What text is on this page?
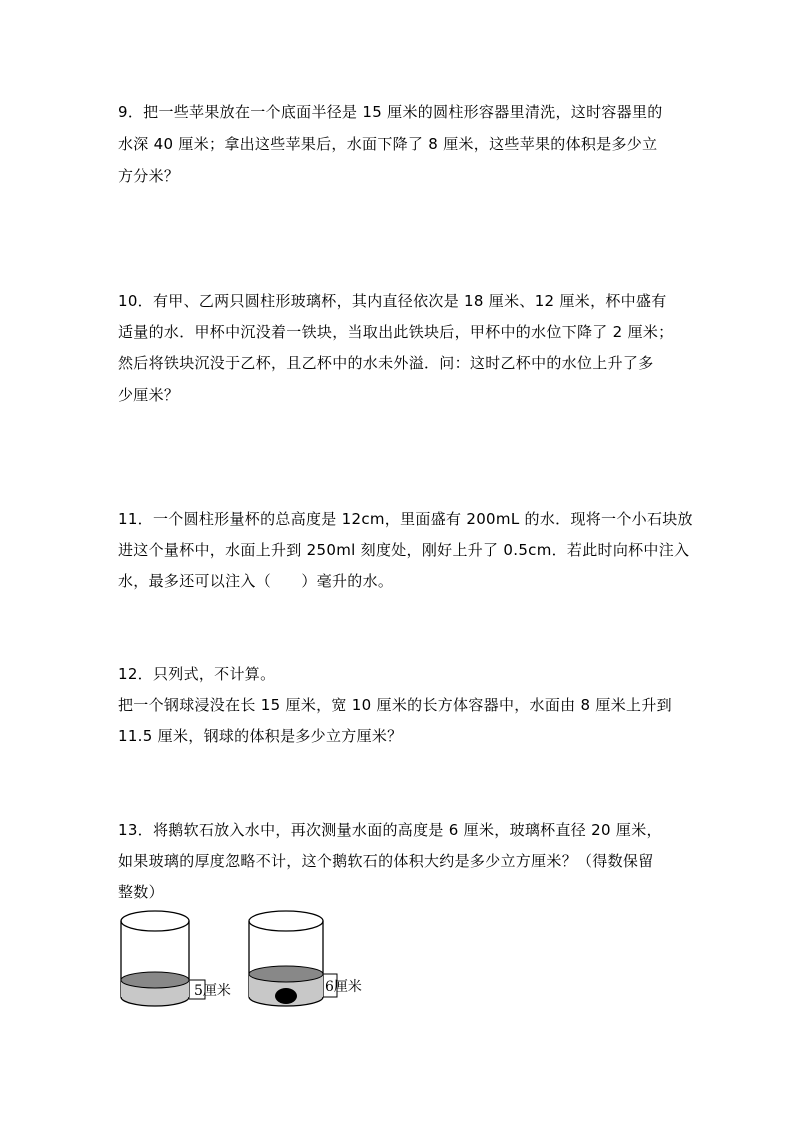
9．把一些苹果放在一个底面半径是 15 厘米的圆柱形容器里清洗，这时容器里的
水深 40 厘米；拿出这些苹果后，水面下降了 8 厘米，这些苹果的体积是多少立
方分米？
10．有甲、乙两只圆柱形玻璃杯，其内直径依次是 18 厘米、12 厘米，杯中盛有
适量的水．甲杯中沉没着一铁块，当取出此铁块后，甲杯中的水位下降了 2 厘米；
然后将铁块沉没于乙杯，且乙杯中的水未外溢．问：这时乙杯中的水位上升了多
少厘米？
11．一个圆柱形量杯的总高度是 12cm，里面盛有 200mL 的水．现将一个小石块放
进这个量杯中，水面上升到 250ml 刻度处，刚好上升了 0.5cm．若此时向杯中注入
水，最多还可以注入（      ）毫升的水。
12．只列式，不计算。
把一个钢球浸没在长 15 厘米，宽 10 厘米的长方体容器中，水面由 8 厘米上升到
11.5 厘米，钢球的体积是多少立方厘米？
13．将鹅软石放入水中，再次测量水面的高度是 6 厘米，玻璃杯直径 20 厘米，
如果玻璃的厚度忽略不计，这个鹅软石的体积大约是多少立方厘米？（得数保留
整数）
5厘米	6厘米
